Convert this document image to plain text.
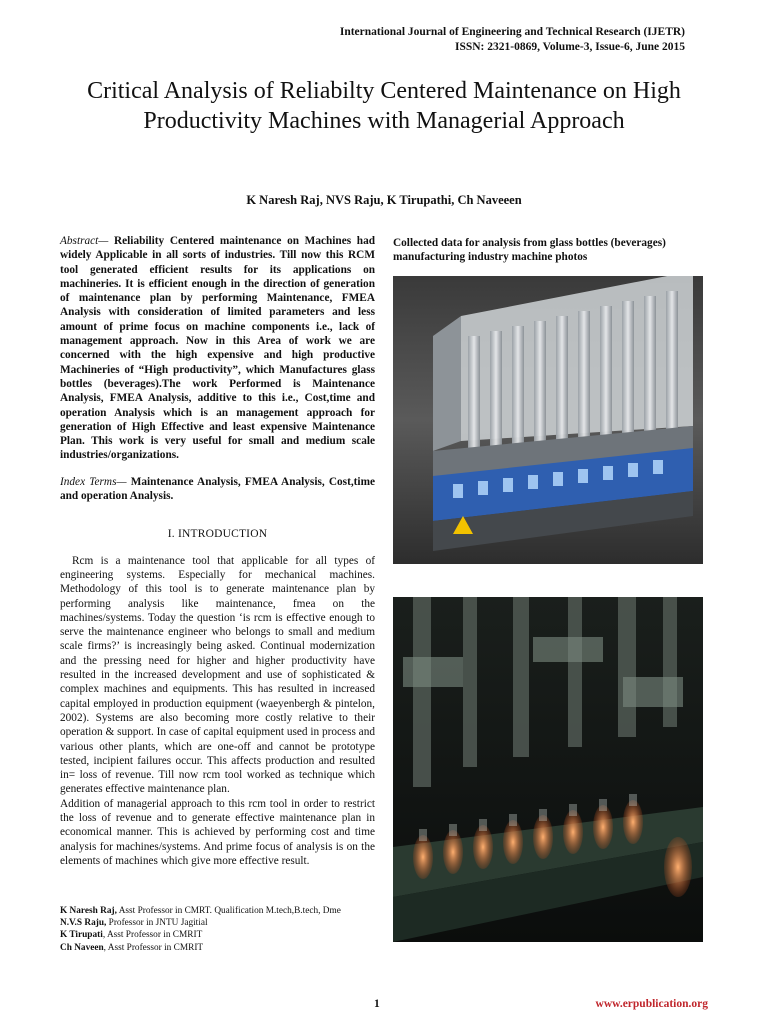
International Journal of Engineering and Technical Research (IJETR)
ISSN: 2321-0869, Volume-3, Issue-6, June 2015
Critical Analysis of Reliabilty Centered Maintenance on High Productivity Machines with Managerial Approach
K Naresh Raj, NVS Raju, K Tirupathi, Ch Naveeen

Abstract— Reliability Centered maintenance on Machines had widely Applicable in all sorts of industries. Till now this RCM tool generated efficient results for its applications on machineries. It is efficient enough in the direction of generation of maintenance plan by performing Maintenance, FMEA Analysis with consideration of limited parameters and less amount of prime focus on machine components i.e., lack of management approach. Now in this Area of work we are concerned with the high expensive and high productive Machineries of “High productivity”, which Manufactures glass bottles (beverages).The work Performed is Maintenance Analysis, FMEA Analysis, additive to this i.e., Cost,time and operation Analysis which is an management approach for generation of High Effective and least expensive Maintenance Plan. This work is very useful for small and medium scale industries/organizations.

Index Terms— Maintenance Analysis, FMEA Analysis, Cost,time and operation Analysis.

I. INTRODUCTION

Rcm is a maintenance tool that applicable for all types of engineering systems. Especially for mechanical machines. Methodology of this tool is to generate maintenance plan by performing analysis like maintenance, fmea on the machines/systems. Today the question ‘is rcm is effective enough to serve the maintenance engineer who belongs to small and medium scale firms?’ is increasingly being asked. Continual modernization and the pressing need for higher and higher productivity have resulted in the increased development and use of sophisticated & complex machines and equipments. This has resulted in increased capital employed in production equipment (waeyenbergh & pintelon, 2002). Systems are also becoming more costly relative to their operation & support. In case of capital equipment used in process and various other plants, which are one-off and cannot be prototype tested, incipient failures occur. This affects production and resulted in= loss of revenue. Till now rcm tool worked as technique which generates effective maintenance plan.

Addition of managerial approach to this rcm tool in order to restrict the loss of revenue and to generate effective maintenance plan in economical manner. This is achieved by performing cost and time analysis for machines/systems. And prime focus of analysis is on the elements of machines which give more effective result.

K Naresh Raj, Asst Professor in CMRT. Qualification M.tech,B.tech, Dme
N.V.S Raju, Professor in JNTU Jagitial
K Tirupati, Asst Professor in CMRIT
Ch Naveen, Asst Professor in CMRIT
Collected data for analysis from glass bottles (beverages) manufacturing industry machine photos
1	www.erpublication.org
